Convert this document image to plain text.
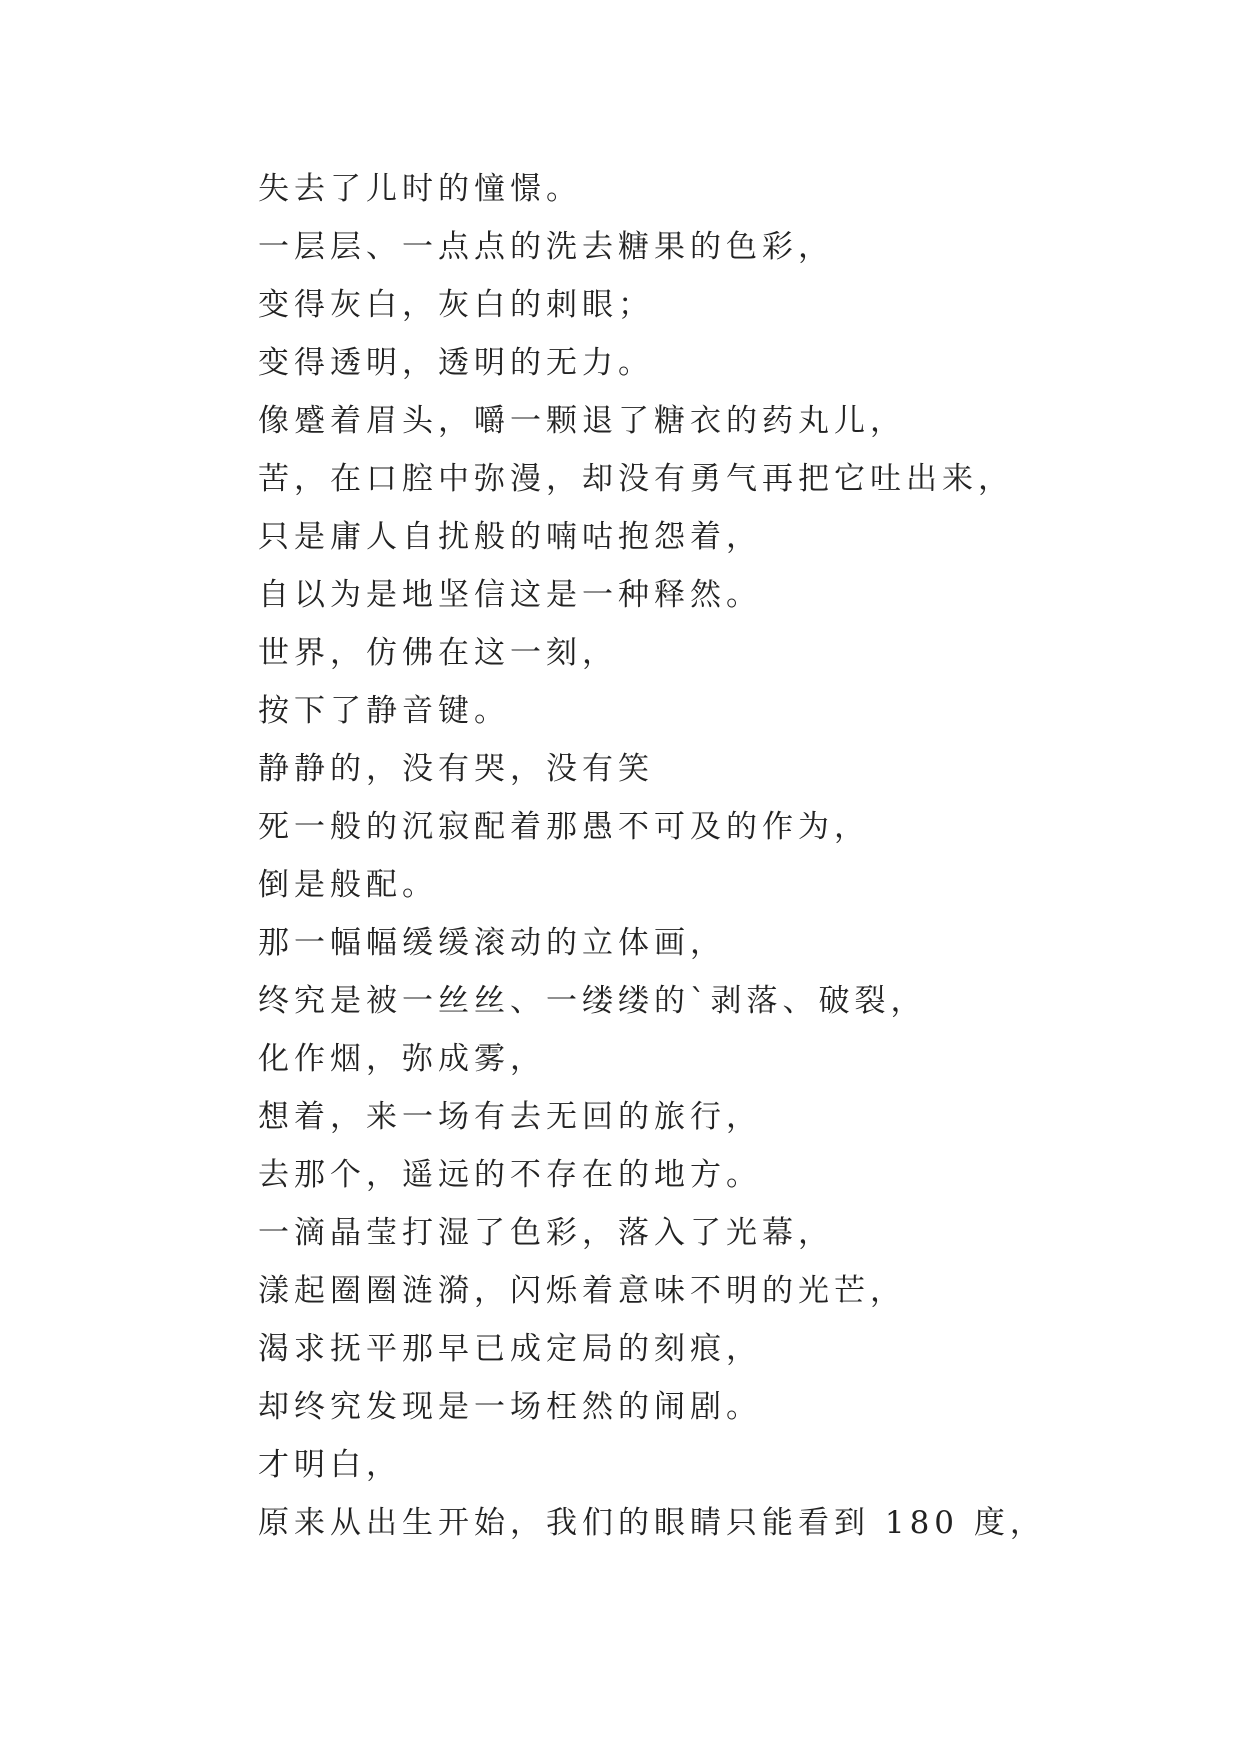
失去了儿时的憧憬。
一层层、一点点的洗去糖果的色彩，
变得灰白，灰白的刺眼；
变得透明，透明的无力。
像蹙着眉头，嚼一颗退了糖衣的药丸儿，
苦，在口腔中弥漫，却没有勇气再把它吐出来，
只是庸人自扰般的喃咕抱怨着，
自以为是地坚信这是一种释然。
世界，仿佛在这一刻，
按下了静音键。
静静的，没有哭，没有笑
死一般的沉寂配着那愚不可及的作为，
倒是般配。
那一幅幅缓缓滚动的立体画，
终究是被一丝丝、一缕缕的`剥落、破裂，
化作烟，弥成雾，
想着，来一场有去无回的旅行，
去那个，遥远的不存在的地方。
一滴晶莹打湿了色彩，落入了光幕，
漾起圈圈涟漪，闪烁着意味不明的光芒，
渴求抚平那早已成定局的刻痕，
却终究发现是一场枉然的闹剧。
才明白，
原来从出生开始，我们的眼睛只能看到 180 度，
